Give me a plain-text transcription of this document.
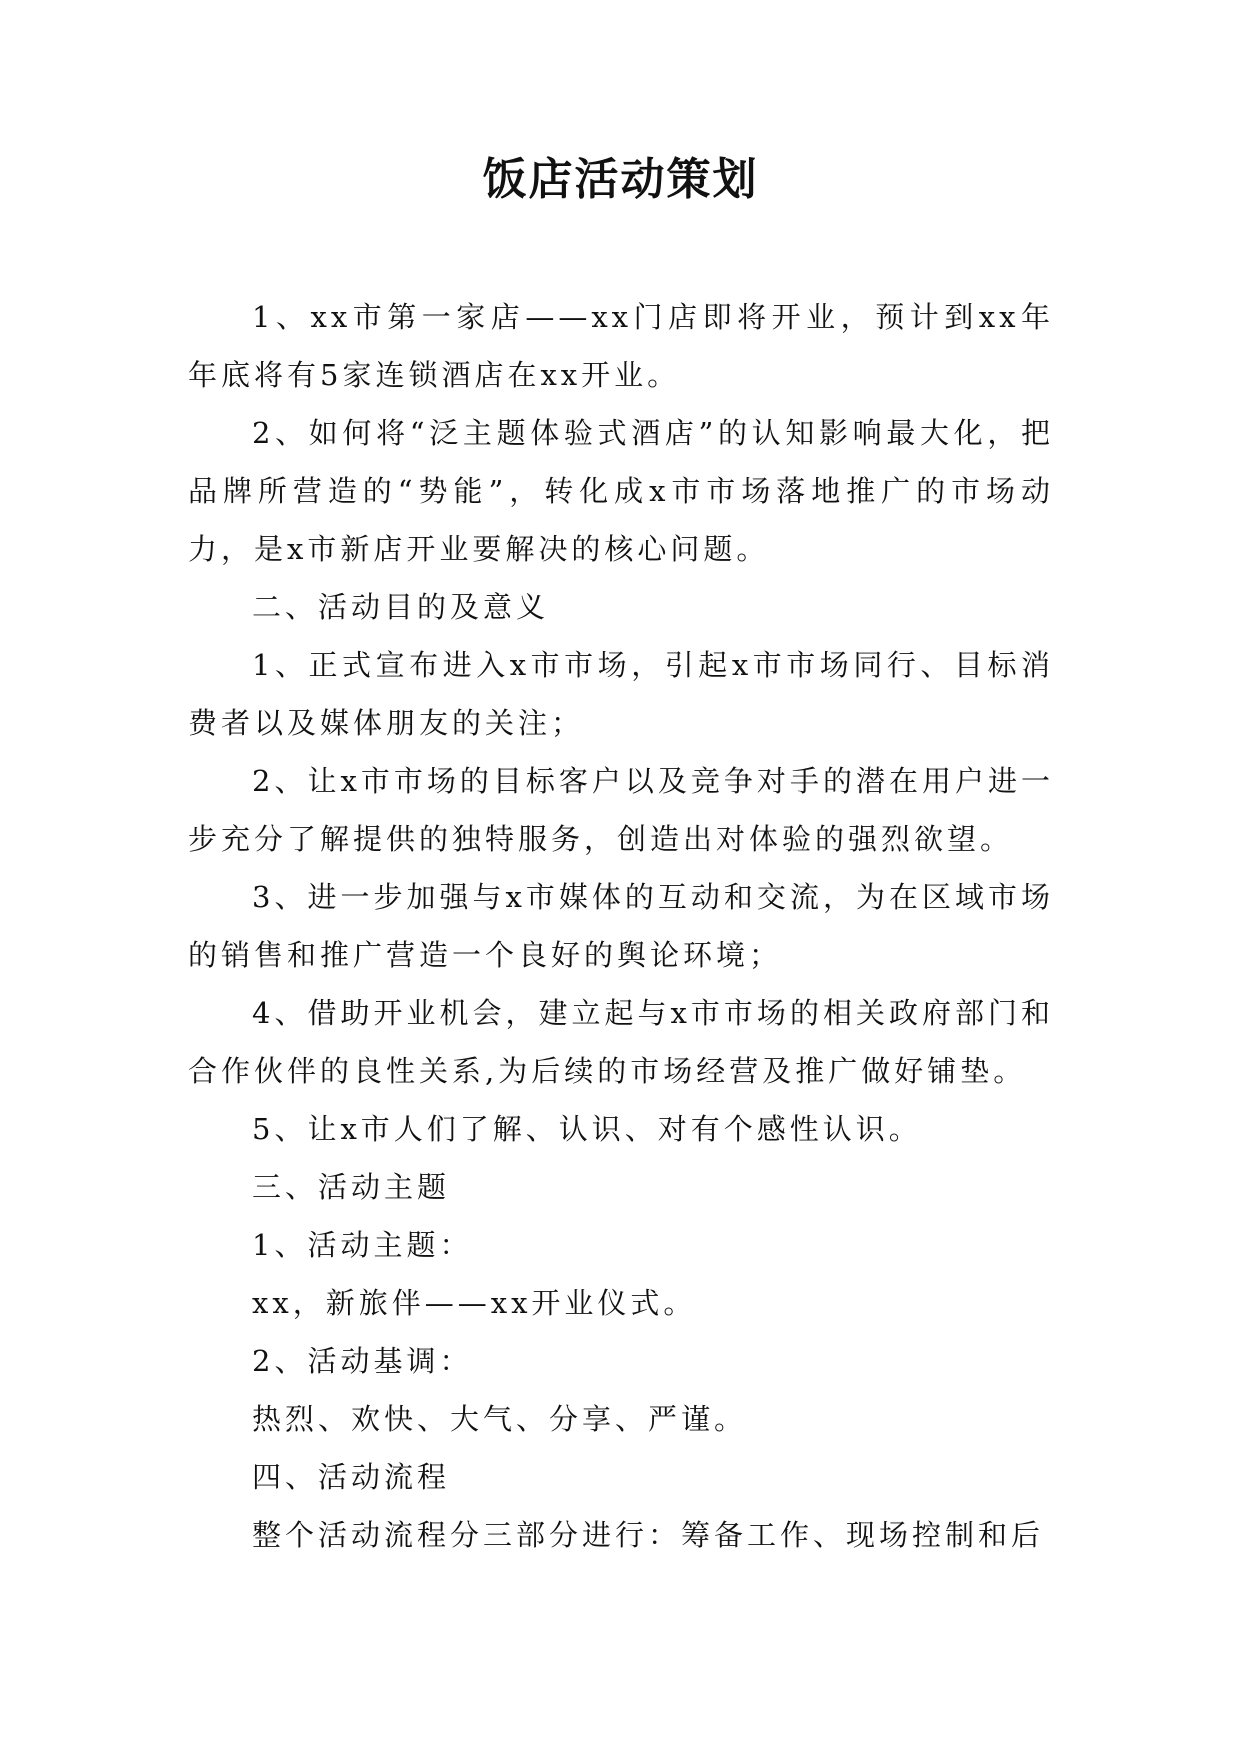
饭店活动策划

1、xx市第一家店——xx门店即将开业，预计到xx年年底将有5家连锁酒店在xx开业。

2、如何将“泛主题体验式酒店”的认知影响最大化，把品牌所营造的“势能”，转化成x市市场落地推广的市场动力，是x市新店开业要解决的核心问题。

二、活动目的及意义

1、正式宣布进入x市市场，引起x市市场同行、目标消费者以及媒体朋友的关注；

2、让x市市场的目标客户以及竞争对手的潜在用户进一步充分了解提供的独特服务，创造出对体验的强烈欲望。

3、进一步加强与x市媒体的互动和交流，为在区域市场的销售和推广营造一个良好的舆论环境；

4、借助开业机会，建立起与x市市场的相关政府部门和合作伙伴的良性关系,为后续的市场经营及推广做好铺垫。

5、让x市人们了解、认识、对有个感性认识。

三、活动主题

1、活动主题：

xx，新旅伴——xx开业仪式。

2、活动基调：

热烈、欢快、大气、分享、严谨。

四、活动流程

整个活动流程分三部分进行：筹备工作、现场控制和后
